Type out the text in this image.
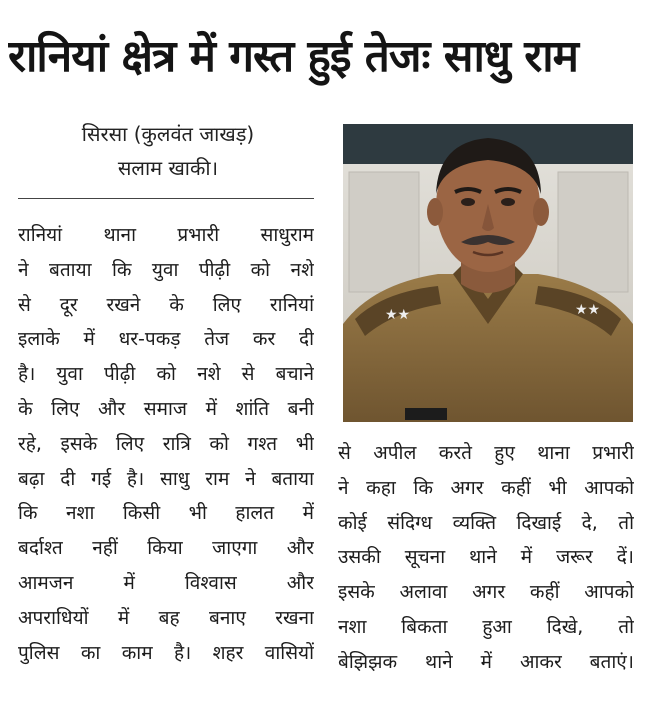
रानियां क्षेत्र में गस्त हुई तेजः साधु राम
सिरसा (कुलवंत जाखड़)
सलाम खाकी।
रानियां थाना प्रभारी साधुराम
ने बताया कि युवा पीढ़ी को नशे
से दूर रखने के लिए रानियां
इलाके में धर-पकड़ तेज कर दी
है। युवा पीढ़ी को नशे से बचाने
के लिए और समाज में शांति बनी
रहे, इसके लिए रात्रि को गश्त भी
बढ़ा दी गई है। साधु राम ने बताया
कि नशा किसी भी हालत में
बर्दाश्त नहीं किया जाएगा और
आमजन में विश्वास और
अपराधियों में बह बनाए रखना
पुलिस का काम है। शहर वासियों
से अपील करते हुए थाना प्रभारी
ने कहा कि अगर कहीं भी आपको
कोई संदिग्ध व्यक्ति दिखाई दे, तो
उसकी सूचना थाने में जरूर दें।
इसके अलावा अगर कहीं आपको
नशा बिकता हुआ दिखे, तो
बेझिझक थाने में आकर बताएं।
★★	★★
